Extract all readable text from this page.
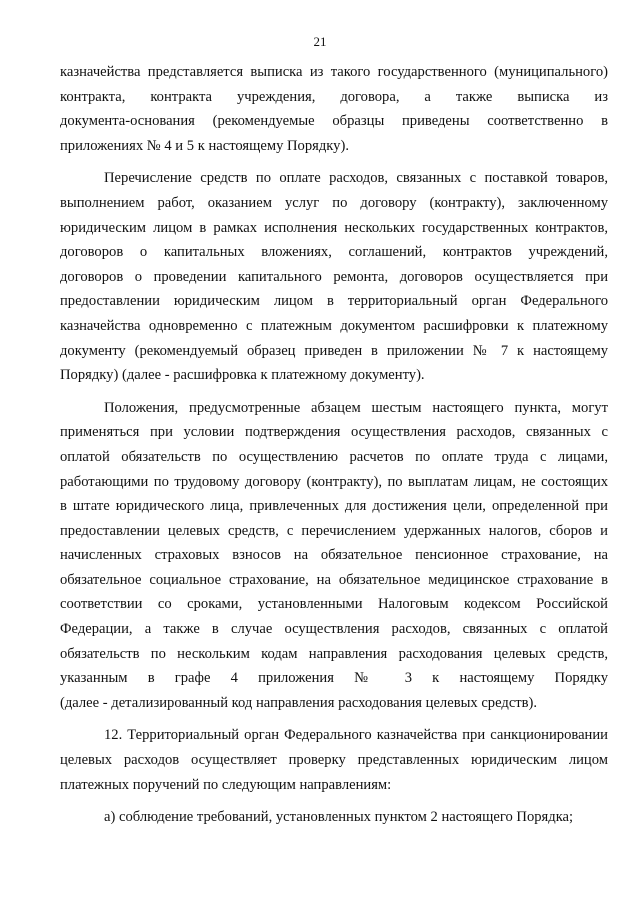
21
казначейства представляется выписка из такого государственного (муниципального)
контракта, контракта учреждения, договора, а также выписка из
документа-основания (рекомендуемые образцы приведены соответственно в
приложениях № 4 и 5 к настоящему Порядку).
Перечисление средств по оплате расходов, связанных с поставкой товаров,
выполнением работ, оказанием услуг по договору (контракту), заключенному
юридическим лицом в рамках исполнения нескольких государственных контрактов,
договоров о капитальных вложениях, соглашений, контрактов учреждений,
договоров о проведении капитального ремонта, договоров осуществляется при
предоставлении юридическим лицом в территориальный орган Федерального
казначейства одновременно с платежным документом расшифровки к платежному
документу (рекомендуемый образец приведен в приложении № 7 к настоящему
Порядку) (далее - расшифровка к платежному документу).
Положения, предусмотренные абзацем шестым настоящего пункта, могут
применяться при условии подтверждения осуществления расходов, связанных с
оплатой обязательств по осуществлению расчетов по оплате труда с лицами,
работающими по трудовому договору (контракту), по выплатам лицам, не состоящих
в штате юридического лица, привлеченных для достижения цели, определенной при
предоставлении целевых средств, с перечислением удержанных налогов, сборов и
начисленных страховых взносов на обязательное пенсионное страхование, на
обязательное социальное страхование, на обязательное медицинское страхование в
соответствии со сроками, установленными Налоговым кодексом Российской
Федерации, а также в случае осуществления расходов, связанных с оплатой
обязательств по нескольким кодам направления расходования целевых средств,
указанным в графе 4 приложения № 3 к настоящему Порядку
(далее - детализированный код направления расходования целевых средств).
12. Территориальный орган Федерального казначейства при санкционировании
целевых расходов осуществляет проверку представленных юридическим лицом
платежных поручений по следующим направлениям:
а) соблюдение требований, установленных пунктом 2 настоящего Порядка;
